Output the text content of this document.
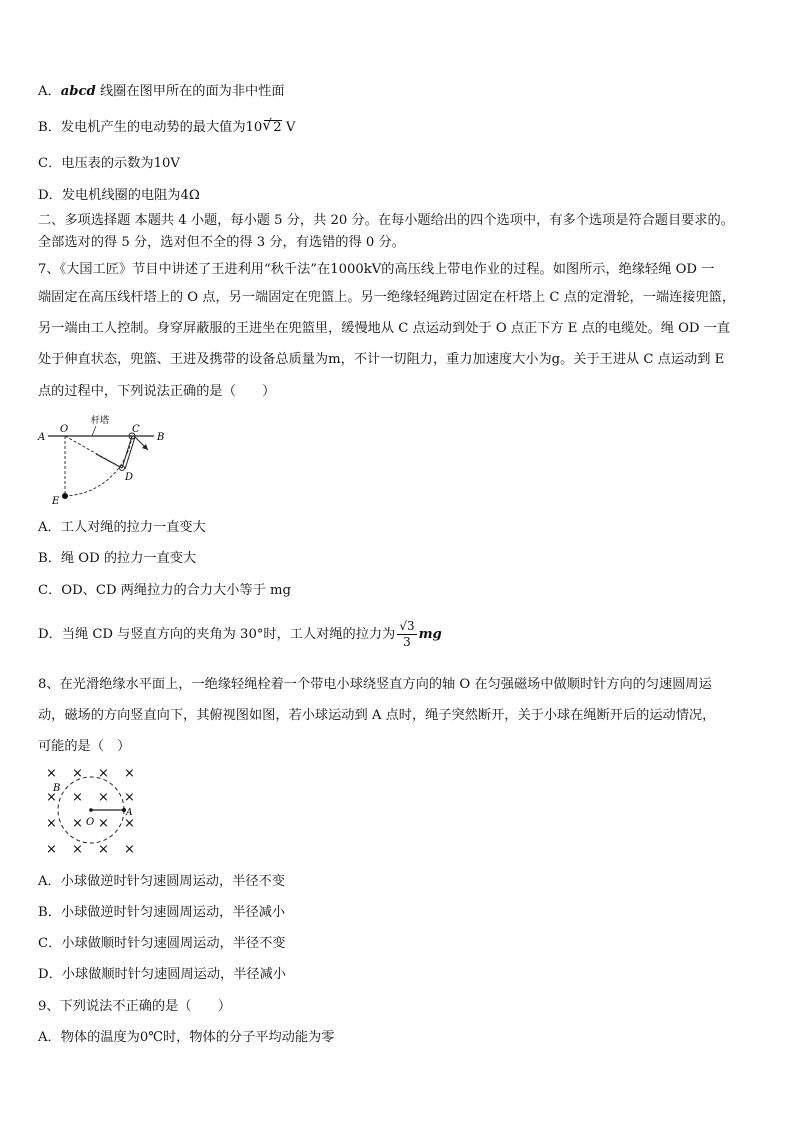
A．abcd 线圈在图甲所在的面为非中性面
B．发电机产生的电动势的最大值为10√ 2 V
C．电压表的示数为10V
D．发电机线圈的电阻为4Ω
二、多项选择题 本题共 4 小题，每小题 5 分，共 20 分。在每小题给出的四个选项中，有多个选项是符合题目要求的。
全部选对的得 5 分，选对但不全的得 3 分，有选错的得 0 分。
7、《大国工匠》节目中讲述了王进利用“秋千法”在1000kV的高压线上带电作业的过程。如图所示，绝缘轻绳 OD 一
端固定在高压线杆塔上的 O 点，另一端固定在兜篮上。另一绝缘轻绳跨过固定在杆塔上 C 点的定滑轮，一端连接兜篮，
另一端由工人控制。身穿屏蔽服的王进坐在兜篮里，缓慢地从 C 点运动到处于 O 点正下方 E 点的电缆处。绳 OD 一直
处于伸直状态，兜篮、王进及携带的设备总质量为m，不计一切阻力，重力加速度大小为g。关于王进从 C 点运动到 E
点的过程中，下列说法正确的是（　　）
A
O
杆塔
C
B
D
E
A．工人对绳的拉力一直变大
B．绳 OD 的拉力一直变大
C．OD、CD 两绳拉力的合力大小等于 mg
D．当绳 CD 与竖直方向的夹角为 30°时，工人对绳的拉力为 $\frac{√3}{3}$ mg
8、在光滑绝缘水平面上，一绝缘轻绳栓着一个带电小球绕竖直方向的轴 O 在匀强磁场中做顺时针方向的匀速圆周运
动，磁场的方向竖直向下，其俯视图如图，若小球运动到 A 点时，绳子突然断开，关于小球在绳断开后的运动情况，
可能的是（　）
×
×
×
×
×
×
×
×
×
×
×
×
×
×
×
×
B
O
A
A．小球做逆时针匀速圆周运动，半径不变
B．小球做逆时针匀速圆周运动，半径减小
C．小球做顺时针匀速圆周运动，半径不变
D．小球做顺时针匀速圆周运动，半径减小
9、下列说法不正确的是（　　）
A．物体的温度为0℃时，物体的分子平均动能为零
